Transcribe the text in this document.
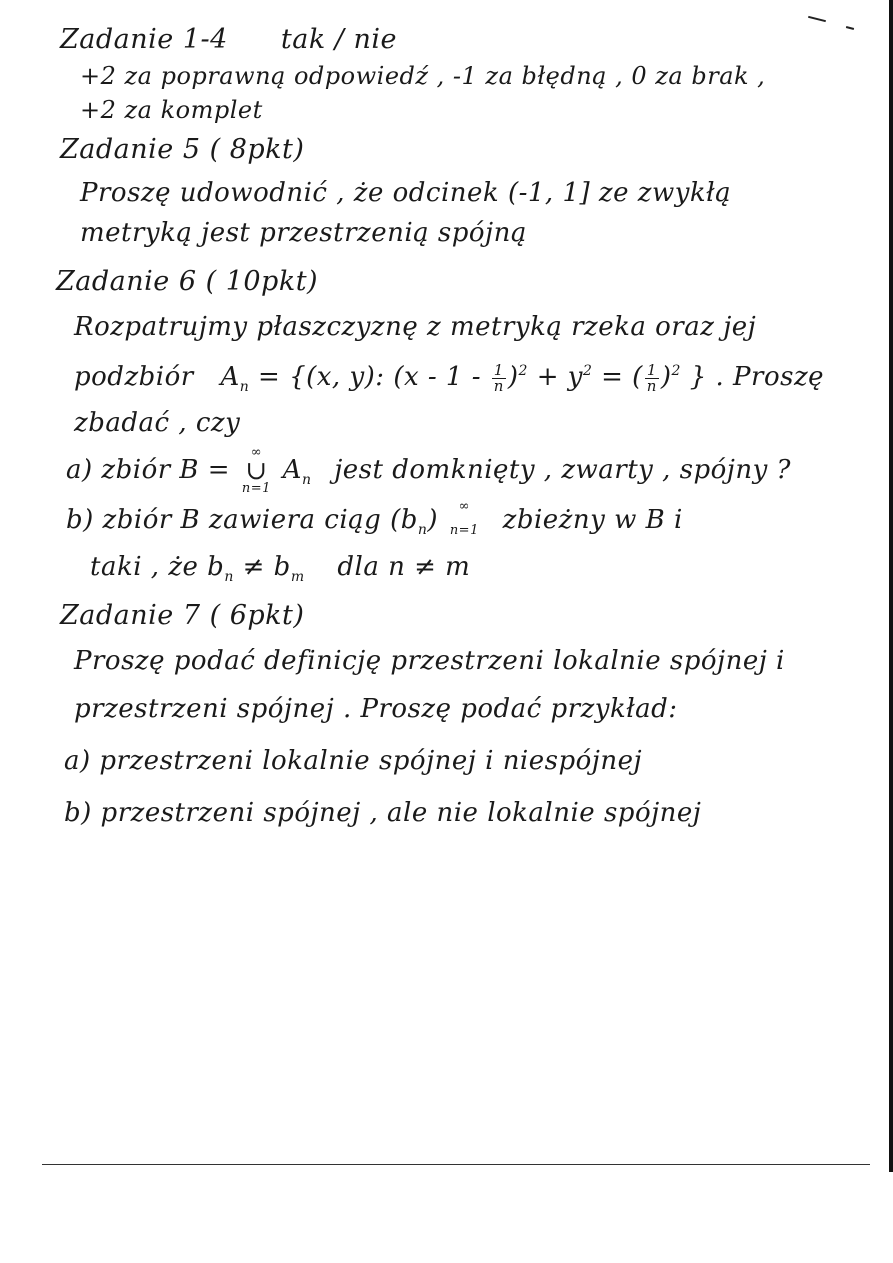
Zadanie 1-4 tak / nie
+2 za poprawną odpowiedź , -1 za błędną , 0 za brak ,
+2 za komplet
Zadanie 5 ( 8pkt)
Proszę udowodnić , że odcinek (-1, 1] ze zwykłą
metryką jest przestrzenią spójną
Zadanie 6 ( 10pkt)
Rozpatrujmy płaszczyznę z metryką rzeka oraz jej
podzbiór $A_n = \{(x$, y): $(x - 1 - \frac{1}{n} )^2 + y^2$ = ( $\frac{1}{n} )^2$ } . Proszę
zbadać , czy
a) zbiór B =
∞
∪
n=1
$A_n$ jest domknięty , zwarty , spójny ?
b) zbiór B zawiera ciąg $(b_n)$	∞
n=1 zbieżny w B i
taki , że $b_n \ne b_m$ dla n ≠ m
Zadanie 7 ( 6pkt)
Proszę podać definicję przestrzeni lokalnie spójnej i
przestrzeni spójnej . Proszę podać przykład:
a) przestrzeni lokalnie spójnej i niespójnej
b) przestrzeni spójnej , ale nie lokalnie spójnej
